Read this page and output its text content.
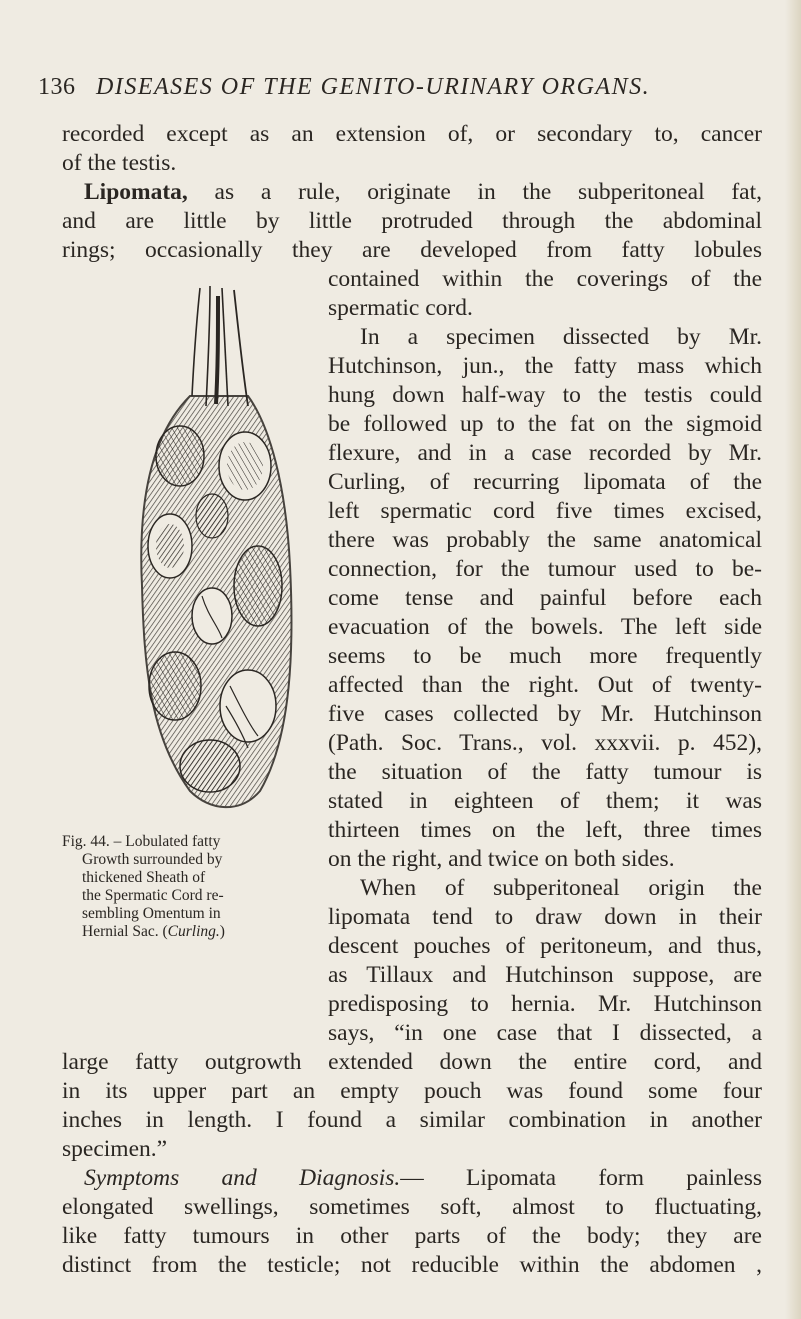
136 DISEASES OF THE GENITO-URINARY ORGANS.
recorded except as an extension of, or secondary to, cancer
of the testis.
Lipomata, as a rule, originate in the subperitoneal fat,
and are little by little protruded through the abdominal
rings; occasionally they are developed from fatty lobules
contained within the coverings of the
spermatic cord.
In a specimen dissected by Mr.
Hutchinson, jun., the fatty mass which
hung down half-way to the testis could
be followed up to the fat on the sigmoid
flexure, and in a case recorded by Mr.
Curling, of recurring lipomata of the
left spermatic cord five times excised,
there was probably the same anatomical
connection, for the tumour used to be-
come tense and painful before each
evacuation of the bowels. The left side
seems to be much more frequently
affected than the right. Out of twenty-
five cases collected by Mr. Hutchinson
(Path. Soc. Trans., vol. xxxvii. p. 452),
the situation of the fatty tumour is
stated in eighteen of them; it was
thirteen times on the left, three times
on the right, and twice on both sides.
When of subperitoneal origin the
lipomata tend to draw down in their
descent pouches of peritoneum, and thus,
as Tillaux and Hutchinson suppose, are
predisposing to hernia. Mr. Hutchinson
says, “in one case that I dissected, a
large fatty outgrowth extended down the entire cord, and
in its upper part an empty pouch was found some four
inches in length. I found a similar combination in another
specimen.”
Symptoms and Diagnosis.— Lipomata form painless
elongated swellings, sometimes soft, almost to fluctuating,
like fatty tumours in other parts of the body; they are
distinct from the testicle; not reducible within the abdomen ,
Fig. 44. – Lobulated fatty
Growth surrounded by
thickened Sheath of
the Spermatic Cord re-
sembling Omentum in
Hernial Sac. (Curling.)
